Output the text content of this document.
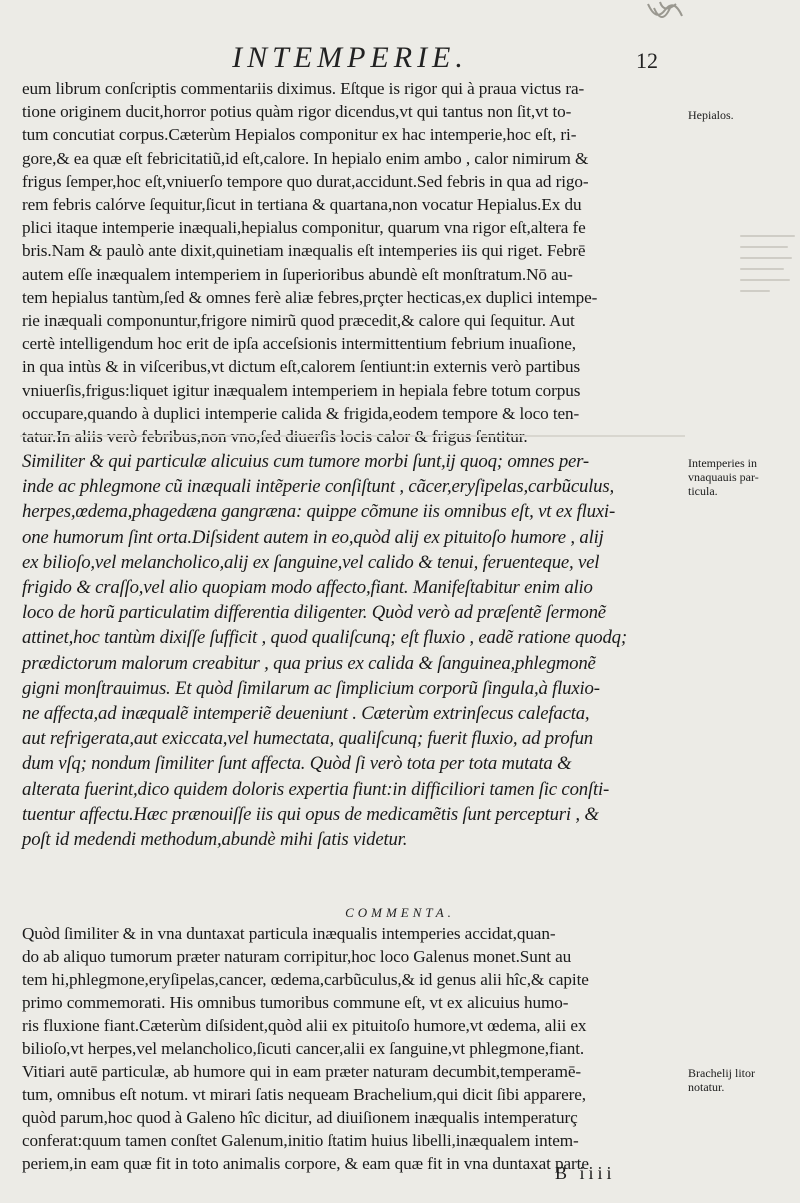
INTEMPERIE.	12
eum librum conſcriptis commentariis diximus. Eſtque is rigor qui à praua victus ra-
tione originem ducit,horror potius quàm rigor dicendus,vt qui tantus non ſit,vt to-
tum concutiat corpus.Cæterùm Hepialos componitur ex hac intemperie,hoc eſt, ri-
gore,& ea quæ eſt febricitatiũ,id eſt,calore. In hepialo enim ambo , calor nimirum &
frigus ſemper,hoc eſt,vniuerſo tempore quo durat,accidunt.Sed febris in qua ad rigo-
rem febris calórve ſequitur,ſicut in tertiana & quartana,non vocatur Hepialus.Ex du
plici itaque intemperie inæquali,hepialus componitur, quarum vna rigor eſt,altera fe
bris.Nam & paulò ante dixit,quinetiam inæqualis eſt intemperies iis qui riget. Febrē
autem eſſe inæqualem intemperiem in ſuperioribus abundè eſt monſtratum.Nō au-
tem hepialus tantùm,ſed & omnes ferè aliæ febres,prçter hecticas,ex duplici intempe-
rie inæquali componuntur,frigore nimirũ quod præcedit,& calore qui ſequitur. Aut
certè intelligendum hoc erit de ipſa acceſsionis intermittentium febrium inuaſione,
in qua intùs & in viſceribus,vt dictum eſt,calorem ſentiunt:in externis verò partibus
vniuerſis,frigus:liquet igitur inæqualem intemperiem in hepiala febre totum corpus
occupare,quando à duplici intemperie calida & frigida,eodem tempore & loco ten-
Similiter & qui particulæ alicuius cum tumore morbi ſunt,ij quoq; omnes per-
inde ac phlegmone cũ inæquali intẽperie conſiſtunt , cãcer,eryſipelas,carbũculus,
herpes,œdema,phagedæna gangræna: quippe cõmune iis omnibus eſt, vt ex fluxi-
one humorum ſint orta.Diſsident autem in eo,quòd alij ex pituitoſo humore , alij
ex bilioſo,vel melancholico,alij ex ſanguine,vel calido & tenui, feruenteque, vel
frigido & craſſo,vel alio quopiam modo affecto,fiant. Manifeſtabitur enim alio
loco de horũ particulatim differentia diligenter. Quòd verò ad præſentẽ ſermonẽ
attinet,hoc tantùm dixiſſe ſufficit , quod qualiſcunq; eſt fluxio , eadẽ ratione quodq;
prædictorum malorum creabitur , qua prius ex calida & ſanguinea,phlegmonẽ
gigni monſtrauimus. Et quòd ſimilarum ac ſimplicium corporũ ſingula,à fluxio-
ne affecta,ad inæqualẽ intemperiẽ deueniunt . Cæterùm extrinſecus calefacta,
aut refrigerata,aut exiccata,vel humectata, qualiſcunq; fuerit fluxio, ad profun
dum vſq; nondum ſimiliter ſunt affecta. Quòd ſi verò tota per tota mutata &
alterata fuerint,dico quidem doloris expertia fiunt:in difficiliori tamen ſic conſti-
tuentur affectu.Hæc prænouiſſe iis qui opus de medicamẽtis ſunt percepturi , &
poſt id medendi methodum,abundè mihi ſatis videtur.
COMMENTA.
Quòd ſimiliter & in vna duntaxat particula inæqualis intemperies accidat,quan-
do ab aliquo tumorum præter naturam corripitur,hoc loco Galenus monet.Sunt au
tem hi,phlegmone,eryſipelas,cancer, œdema,carbũculus,& id genus alii hîc,& capite
primo commemorati. His omnibus tumoribus commune eſt, vt ex alicuius humo-
ris fluxione fiant.Cæterùm diſsident,quòd alii ex pituitoſo humore,vt œdema, alii ex
bilioſo,vt herpes,vel melancholico,ſicuti cancer,alii ex ſanguine,vt phlegmone,fiant.
Vitiari autē particulæ, ab humore qui in eam præter naturam decumbit,temperamē-
tum, omnibus eſt notum. vt mirari ſatis nequeam Brachelium,qui dicit ſibi apparere,
quòd parum,hoc quod à Galeno hîc dicitur, ad diuiſionem inæqualis intemperaturç
conferat:quum tamen conſtet Galenum,initio ſtatim huius libelli,inæqualem intem-
periem,in eam quæ fit in toto animalis corpore, & eam quæ fit in vna duntaxat parte
Hepialos.
Intemperies in
vnaquauis par-
ticula.
Brachelij litor
notatur.
B iiii
